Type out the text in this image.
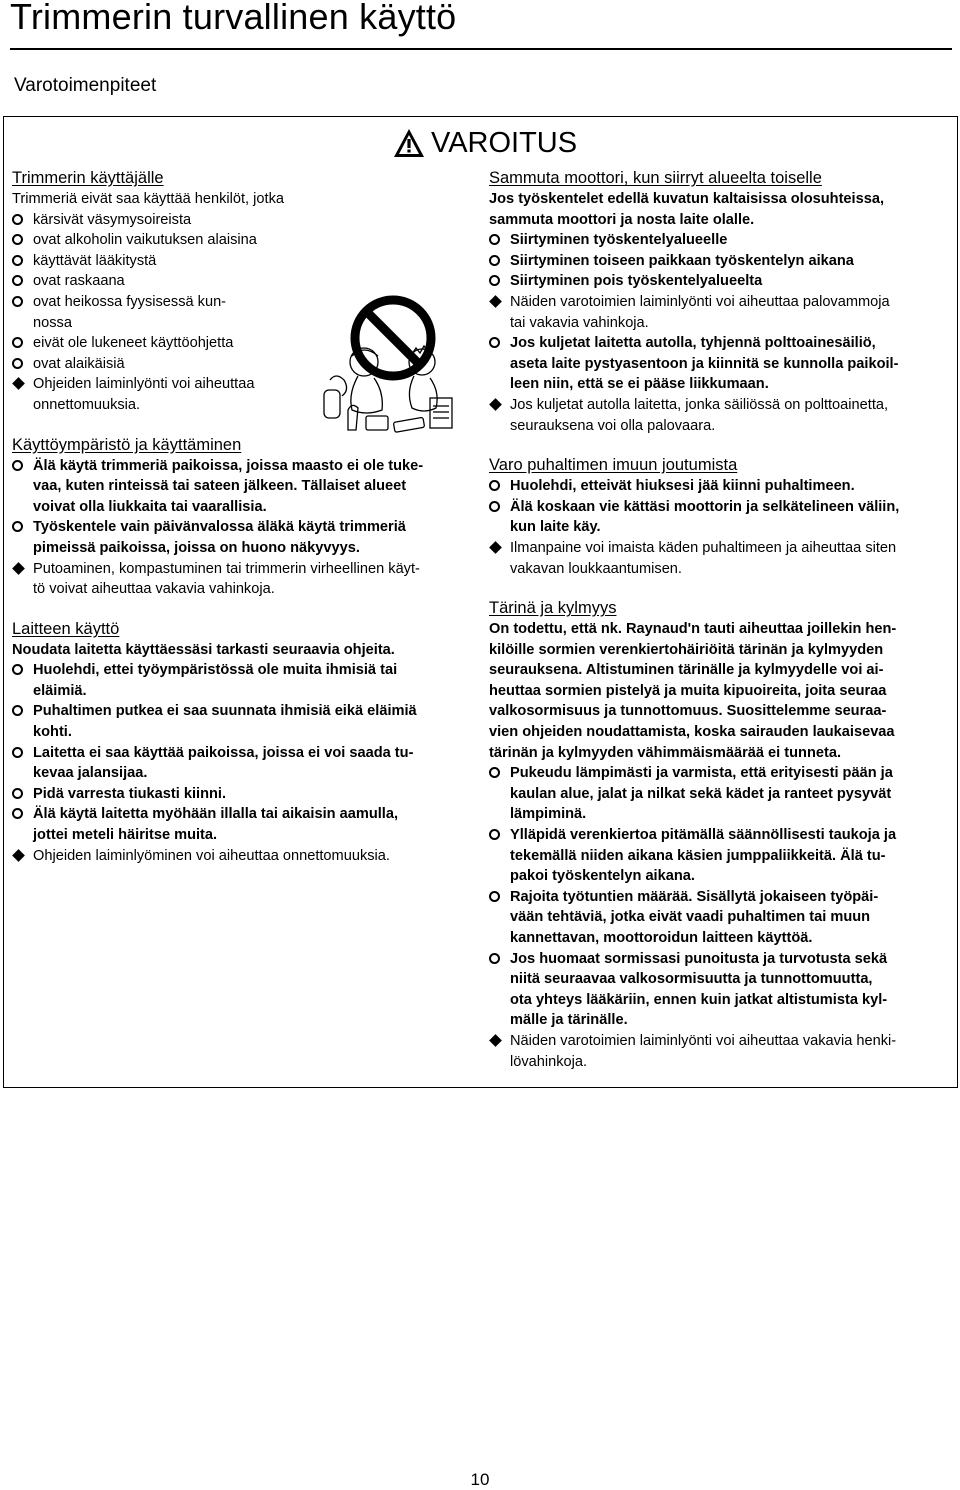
Trimmerin turvallinen käyttö
Varotoimenpiteet
VAROITUS

Trimmerin käyttäjälle

Trimmeriä eivät saa käyttää henkilöt, jotka

kärsivät väsymysoireista
ovat alkoholin vaikutuksen alaisina
käyttävät lääkitystä
ovat raskaana
ovat heikossa fyysisessä kun-
nossa
eivät ole lukeneet käyttöohjetta
ovat alaikäisiä
Ohjeiden laiminlyönti voi aiheuttaa
onnettomuuksia.

Käyttöympäristö ja käyttäminen

Älä käytä trimmeriä paikoissa, joissa maasto ei ole tuke-
vaa, kuten rinteissä tai sateen jälkeen. Tällaiset alueet
voivat olla liukkaita tai vaarallisia.
Työskentele vain päivänvalossa äläkä käytä trimmeriä
pimeissä paikoissa, joissa on huono näkyvyys.
Putoaminen, kompastuminen tai trimmerin virheellinen käyt-
tö voivat aiheuttaa vakavia vahinkoja.

Laitteen käyttö

Noudata laitetta käyttäessäsi tarkasti seuraavia ohjeita.

Huolehdi, ettei työympäristössä ole muita ihmisiä tai
eläimiä.
Puhaltimen putkea ei saa suunnata ihmisiä eikä eläimiä
kohti.
Laitetta ei saa käyttää paikoissa, joissa ei voi saada tu-
kevaa jalansijaa.
Pidä varresta tiukasti kiinni.
Älä käytä laitetta myöhään illalla tai aikaisin aamulla,
jottei meteli häiritse muita.
Ohjeiden laiminlyöminen voi aiheuttaa onnettomuuksia.

Sammuta moottori, kun siirryt alueelta toiselle

Jos työskentelet edellä kuvatun kaltaisissa olosuhteissa,

sammuta moottori ja nosta laite olalle.

Siirtyminen työskentelyalueelle
Siirtyminen toiseen paikkaan työskentelyn aikana
Siirtyminen pois työskentelyalueelta
Näiden varotoimien laiminlyönti voi aiheuttaa palovammoja
tai vakavia vahinkoja.
Jos kuljetat laitetta autolla, tyhjennä polttoainesäiliö,
aseta laite pystyasentoon ja kiinnitä se kunnolla paikoil-
leen niin, että se ei pääse liikkumaan.
Jos kuljetat autolla laitetta, jonka säiliössä on polttoainetta,
seurauksena voi olla palovaara.

Varo puhaltimen imuun joutumista

Huolehdi, etteivät hiuksesi jää kiinni puhaltimeen.
Älä koskaan vie kättäsi moottorin ja selkätelineen väliin,
kun laite käy.
Ilmanpaine voi imaista käden puhaltimeen ja aiheuttaa siten
vakavan loukkaantumisen.

Tärinä ja kylmyys

On todettu, että nk. Raynaud'n tauti aiheuttaa joillekin hen-

kilöille sormien verenkiertohäiriöitä tärinän ja kylmyyden

seurauksena. Altistuminen tärinälle ja kylmyydelle voi ai-

heuttaa sormien pistelyä ja muita kipuoireita, joita seuraa

valkosormisuus ja tunnottomuus. Suosittelemme seuraa-

vien ohjeiden noudattamista, koska sairauden laukaisevaa

tärinän ja kylmyyden vähimmäismäärää ei tunneta.

Pukeudu lämpimästi ja varmista, että erityisesti pään ja
kaulan alue, jalat ja nilkat sekä kädet ja ranteet pysyvät
lämpiminä.
Ylläpidä verenkiertoa pitämällä säännöllisesti taukoja ja
tekemällä niiden aikana käsien jumppaliikkeitä. Älä tu-
pakoi työskentelyn aikana.
Rajoita työtuntien määrää. Sisällytä jokaiseen työpäi-
vään tehtäviä, jotka eivät vaadi puhaltimen tai muun
kannettavan, moottoroidun laitteen käyttöä.
Jos huomaat sormissasi punoitusta ja turvotusta sekä
niitä seuraavaa valkosormisuutta ja tunnottomuutta,
ota yhteys lääkäriin, ennen kuin jatkat altistumista kyl-
mälle ja tärinälle.
Näiden varotoimien laiminlyönti voi aiheuttaa vakavia henki-
lövahinkoja.
10
